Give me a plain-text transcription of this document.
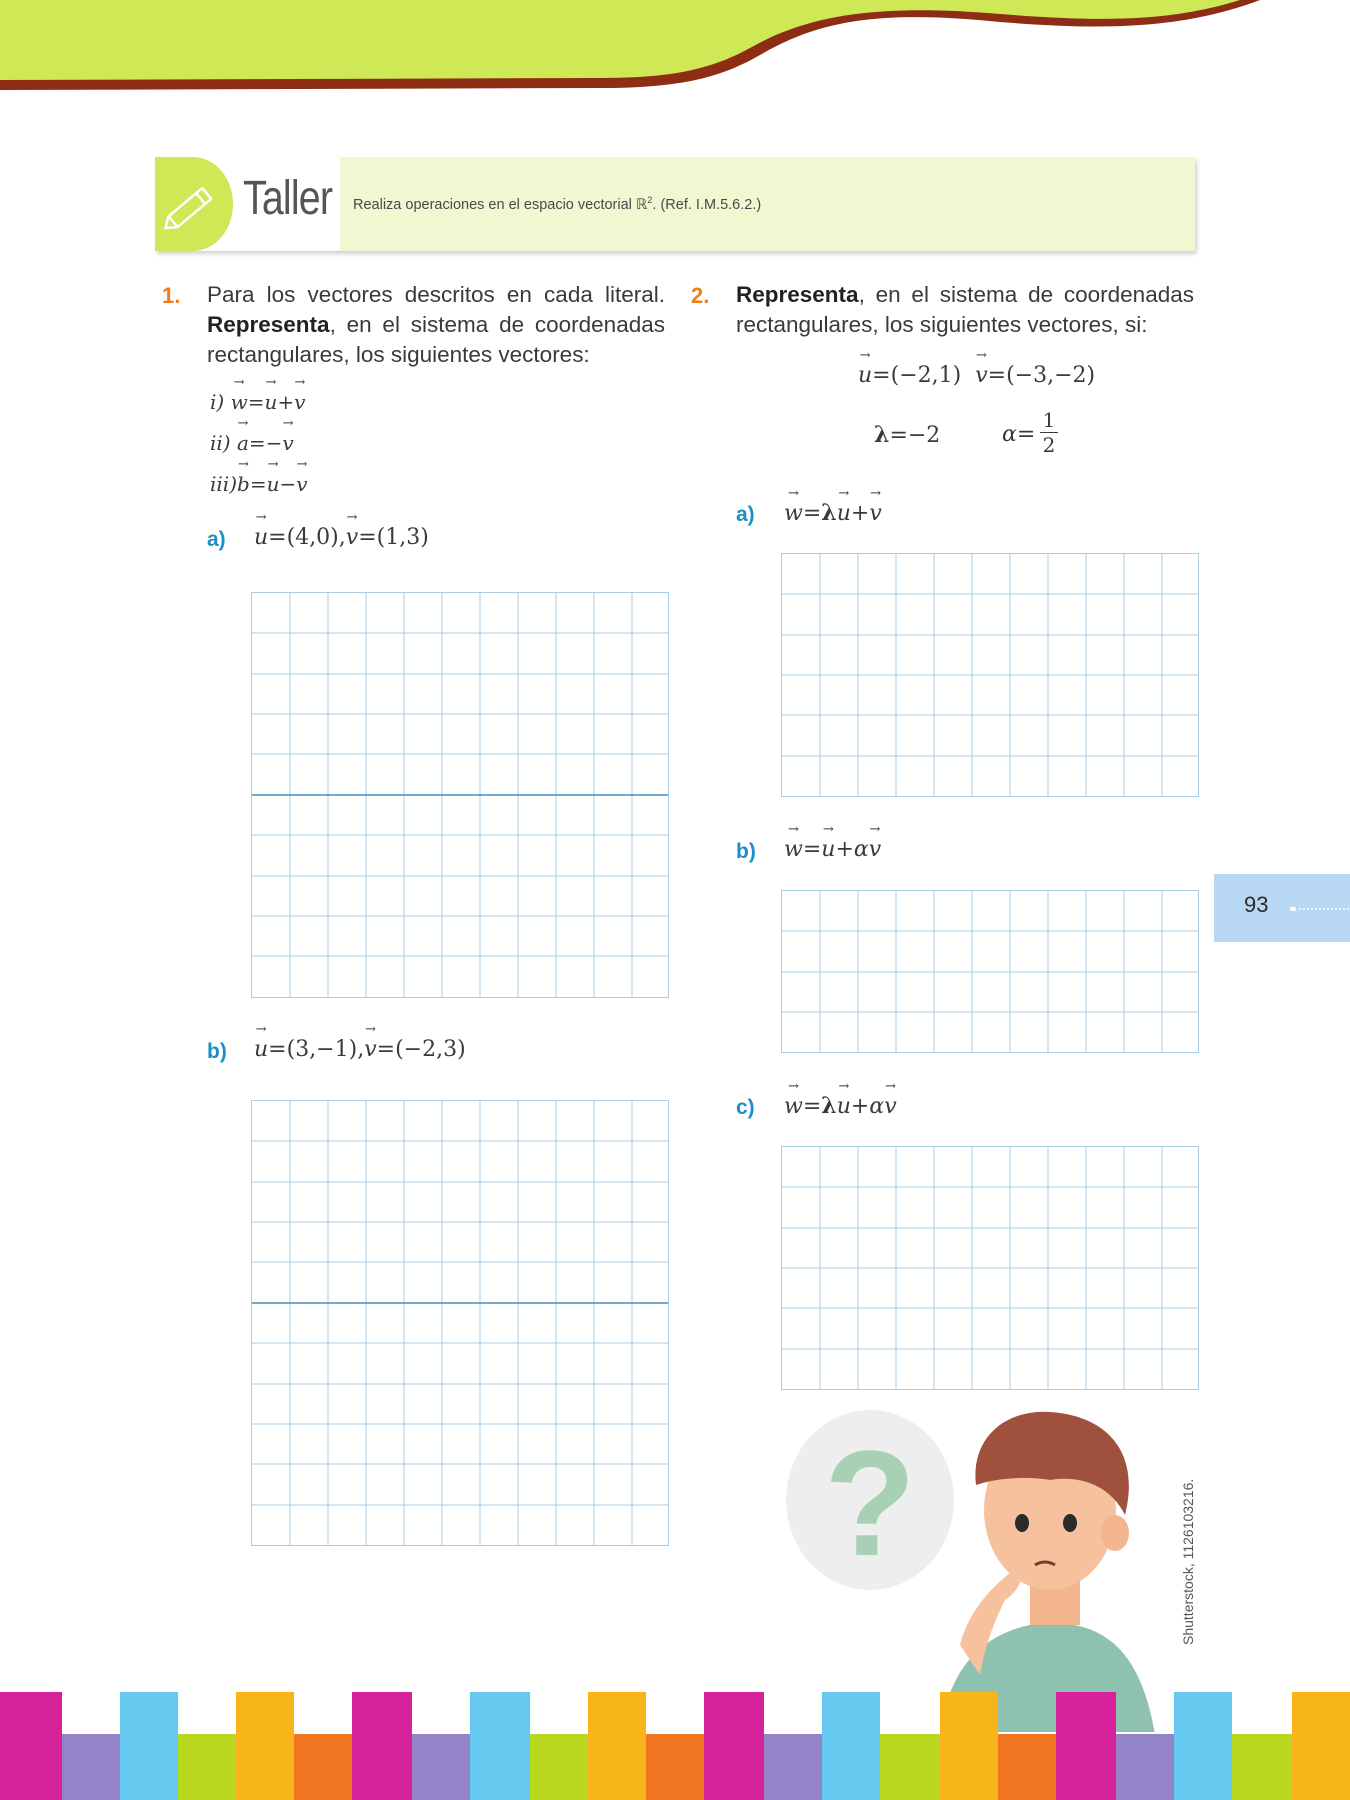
Taller Realiza operaciones en el espacio vectorial ℝ$^2$. (Ref. I.M.5.6.2.)
1. Para los vectores descritos en cada literal. Representa, en el sistema de coordenadas rectangulares, los siguientes vectores:
i) → w=→ u+→ v
ii) → a=−→ v
iii)→ b=→ u−→ v
a) → u=(4,0),→ v=(1,3)
b) → u=(3,−1),→ v=(−2,3)
2. Representa, en el sistema de coordenadas rectangulares, los siguientes vectores, si:
→ u=(−2,1) → v=(−3,−2)
λ=−2	α=
1
2
a) → w=λ→ u+→ v
b) → w=→ u+α→ v
c) → w=λ→ u+α→ v
93
?	Shutterstock, 1126103216.
